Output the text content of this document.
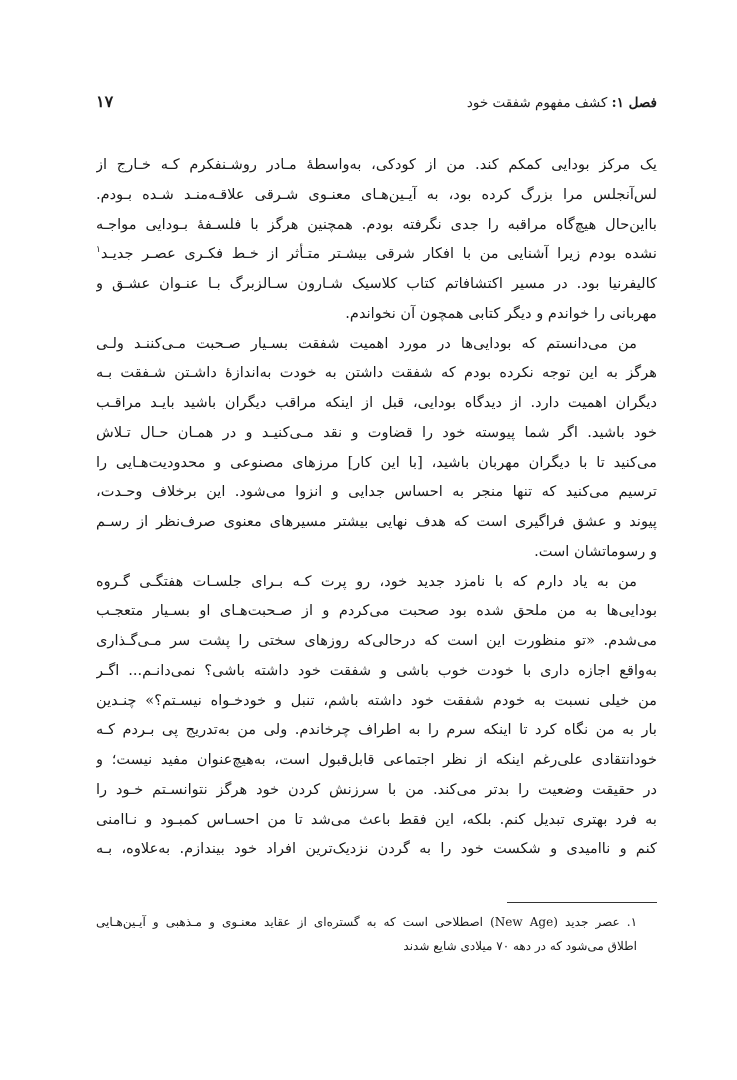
فصل ۱: کشف مفهوم شفقت خود
۱۷
یک مرکز بودایی کمکم کند. من از کودکی، به‌واسطهٔ مـادر روشـنفکرم کـه خـارج از
لس‌آنجلس مرا بزرگ کرده بود، به آیـین‌هـای معنـوی شـرقی علاقـه‌منـد شـده بـودم.
بااین‌حال هیچ‌گاه مراقبه را جدی نگرفته بودم. همچنین هرگز با فلسـفهٔ بـودایی مواجـه
نشده بودم زیرا آشنایی من با افکار شرقی بیشـتر متـأثر از خـط فکـری عصـر جدیـد$^۱$
کالیفرنیا بود. در مسیر اکتشافاتم کتاب کلاسیک شـارون سـالزبرگ بـا عنـوان عشـق و
مهربانی را خواندم و دیگر کتابی همچون آن نخواندم.
من می‌دانستم که بودایی‌ها در مورد اهمیت شفقت بسـیار صـحبت مـی‌کننـد ولـی
هرگز به این توجه نکرده بودم که شفقت داشتن به خودت به‌اندازهٔ داشـتن شـفقت بـه
دیگران اهمیت دارد. از دیدگاه بودایی، قبل از اینکه مراقب دیگران باشید بایـد مراقـب
خود باشید. اگر شما پیوسته خود را قضاوت و نقد مـی‌کنیـد و در همـان حـال تـلاش
می‌کنید تا با دیگران مهربان باشید، [با این کار] مرزهای مصنوعی و محدودیت‌هـایی را
ترسیم می‌کنید که تنها منجر به احساس جدایی و انزوا می‌شود. این برخلاف وحـدت،
پیوند و عشق فراگیری است که هدف نهایی بیشتر مسیرهای معنوی صرف‌نظر از رسـم
و رسوماتشان است.
من به یاد دارم که با نامزد جدید خود، رو پرت کـه بـرای جلسـات هفتگـی گـروه
بودایی‌ها به من ملحق شده بود صحبت می‌کردم و از صـحبت‌هـای او بسـیار متعجـب
می‌شدم. «تو منظورت این است که درحالی‌که روزهای سختی را پشت سر مـی‌گـذاری
به‌واقع اجازه داری با خودت خوب باشی و شفقت خود داشته باشی؟ نمی‌دانـم... اگـر
من خیلی نسبت به خودم شفقت خود داشته باشم، تنبل و خودخـواه نیسـتم؟» چنـدین
بار به من نگاه کرد تا اینکه سرم را به اطراف چرخاندم. ولی من به‌تدریج پی بـردم کـه
خودانتقادی علی‌رغم اینکه از نظر اجتماعی قابل‌قبول است، به‌هیچ‌عنوان مفید نیست؛ و
در حقیقت وضعیت را بدتر می‌کند. من با سرزنش کردن خود هرگز نتوانسـتم خـود را
به فرد بهتری تبدیل کنم. بلکه، این فقط باعث می‌شد تا من احسـاس کمبـود و نـاامنی
کنم و ناامیدی و شکست خود را به گردن نزدیک‌ترین افراد خود بیندازم. به‌علاوه، بـه
۱. عصر جدید (New Age) اصطلاحی است که به گستره‌ای از عقاید معنـوی و مـذهبی و آیـین‌هـایی
اطلاق می‌شود که در دهه ۷۰ میلادی شایع شدند
